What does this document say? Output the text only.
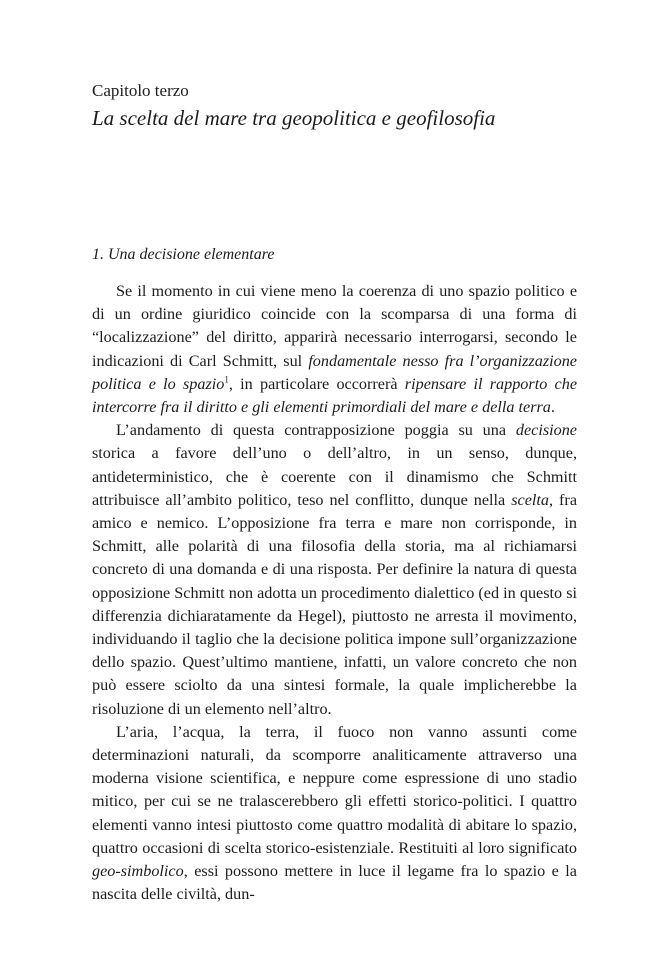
Capitolo terzo

La scelta del mare tra geopolitica e geofilosofia
1. Una decisione elementare

Se il momento in cui viene meno la coerenza di uno spazio politico e di un ordine giuridico coincide con la scomparsa di una forma di “localizzazione” del diritto, apparirà necessario interrogarsi, secondo le indicazioni di Carl Schmitt, sul fondamentale nesso fra l’organizzazione politica e lo spazio$^1$, in particolare occorrerà ripensare il rapporto che intercorre fra il diritto e gli elementi primordiali del mare e della terra.

L’andamento di questa contrapposizione poggia su una decisione storica a favore dell’uno o dell’altro, in un senso, dunque, antideterministico, che è coerente con il dinamismo che Schmitt attribuisce all’ambito politico, teso nel conflitto, dunque nella scelta, fra amico e nemico. L’opposizione fra terra e mare non corrisponde, in Schmitt, alle polarità di una filosofia della storia, ma al richiamarsi concreto di una domanda e di una risposta. Per definire la natura di questa opposizione Schmitt non adotta un procedimento dialettico (ed in questo si differenzia dichiaratamente da Hegel), piuttosto ne arresta il movimento, individuando il taglio che la decisione politica impone sull’organizzazione dello spazio. Quest’ultimo mantiene, infatti, un valore concreto che non può essere sciolto da una sintesi formale, la quale implicherebbe la risoluzione di un elemento nell’altro.

L’aria, l’acqua, la terra, il fuoco non vanno assunti come determinazioni naturali, da scomporre analiticamente attraverso una moderna visione scientifica, e neppure come espressione di uno stadio mitico, per cui se ne tralascerebbero gli effetti storico-politici. I quattro elementi vanno intesi piuttosto come quattro modalità di abitare lo spazio, quattro occasioni di scelta storico-esistenziale. Restituiti al loro significato geo-simbolico, essi possono mettere in luce il legame fra lo spazio e la nascita delle civiltà, dun-
